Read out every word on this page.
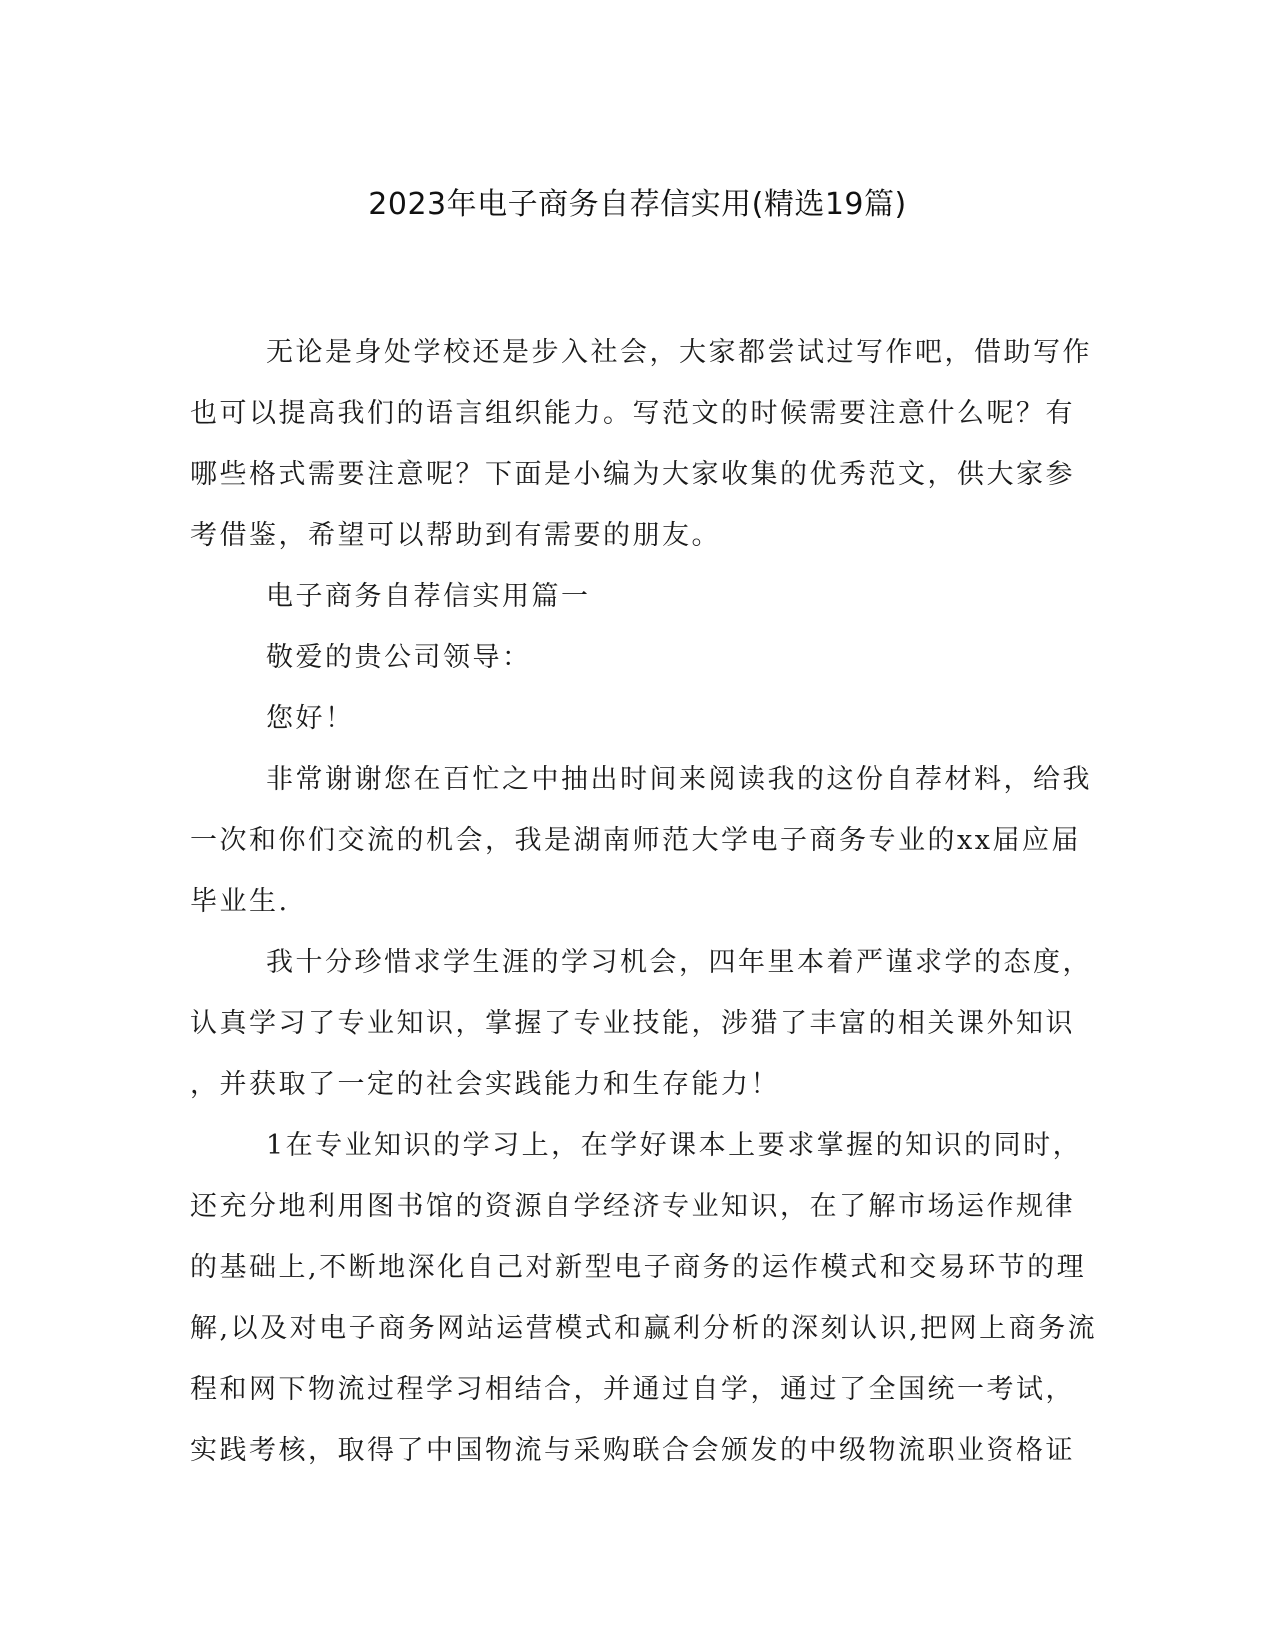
2023年电子商务自荐信实用(精选19篇)
无论是身处学校还是步入社会，大家都尝试过写作吧，借助写作
也可以提高我们的语言组织能力。写范文的时候需要注意什么呢？有
哪些格式需要注意呢？下面是小编为大家收集的优秀范文，供大家参
考借鉴，希望可以帮助到有需要的朋友。
电子商务自荐信实用篇一
敬爱的贵公司领导：
您好！
非常谢谢您在百忙之中抽出时间来阅读我的这份自荐材料，给我
一次和你们交流的机会，我是湖南师范大学电子商务专业的xx届应届
毕业生.
我十分珍惜求学生涯的学习机会，四年里本着严谨求学的态度，
认真学习了专业知识，掌握了专业技能，涉猎了丰富的相关课外知识
，并获取了一定的社会实践能力和生存能力！
1在专业知识的学习上，在学好课本上要求掌握的知识的同时，
还充分地利用图书馆的资源自学经济专业知识，在了解市场运作规律
的基础上,不断地深化自己对新型电子商务的运作模式和交易环节的理
解,以及对电子商务网站运营模式和赢利分析的深刻认识,把网上商务流
程和网下物流过程学习相结合，并通过自学，通过了全国统一考试，
实践考核，取得了中国物流与采购联合会颁发的中级物流职业资格证
